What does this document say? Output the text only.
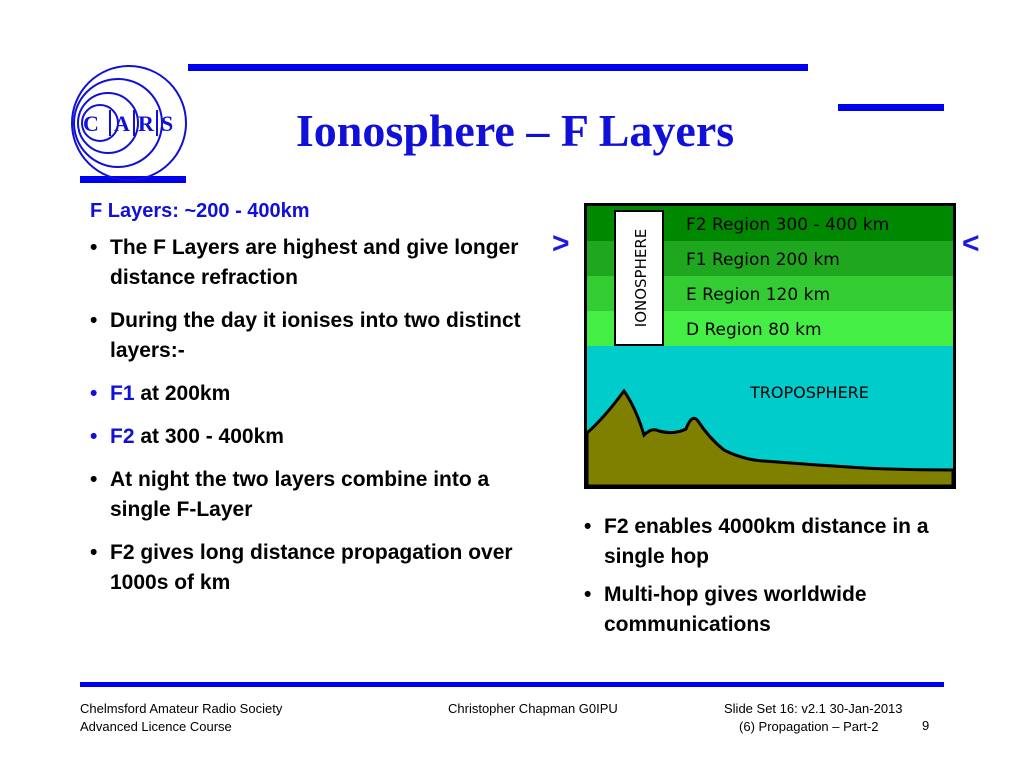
C A R S	Ionosphere – F Layers
F Layers: ~200 - 400km
• The F Layers are highest and give longer distance refraction
• During the day it ionises into two distinct layers:-
• F1 at 200km
• F2 at 300 - 400km
• At night the two layers combine into a single F-Layer
• F2 gives long distance propagation over 1000s of km
>	<
IONOSPHERE
F2 Region 300 - 400 km
F1 Region 200 km
E Region 120 km
D Region 80 km
TROPOSPHERE
• F2 enables 4000km distance in a single hop
• Multi-hop gives worldwide communications
Chelmsford Amateur Radio Society
Advanced Licence Course
Christopher Chapman G0IPU	Slide Set 16: v2.1 30-Jan-2013
(6) Propagation – Part-2	9
